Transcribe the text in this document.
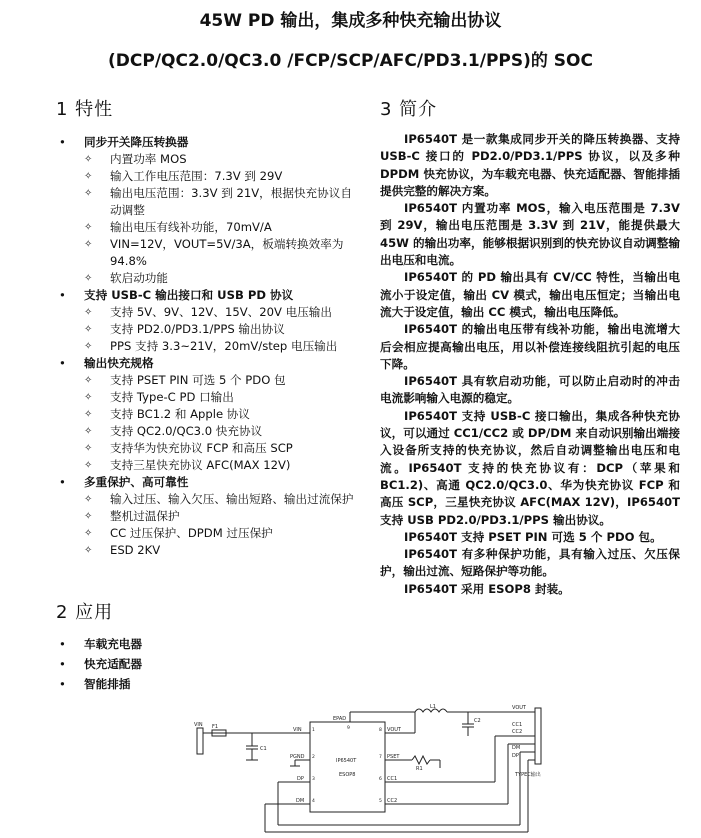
45W PD 输出，集成多种快充输出协议
(DCP/QC2.0/QC3.0 /FCP/SCP/AFC/PD3.1/PPS)的 SOC
1 特性	3 简介
• 同步开关降压转换器
✧ 内置功率 MOS
✧ 输入工作电压范围：7.3V 到 29V
✧ 输出电压范围：3.3V 到 21V，根据快充协议自动调整
✧ 输出电压有线补功能，70mV/A
✧ VIN=12V，VOUT=5V/3A，板端转换效率为94.8%
✧ 软启动功能
• 支持 USB-C 输出接口和 USB PD 协议
✧ 支持 5V、9V、12V、15V、20V 电压输出
✧ 支持 PD2.0/PD3.1/PPS 输出协议
✧ PPS 支持 3.3~21V，20mV/step 电压输出
• 输出快充规格
✧ 支持 PSET PIN 可选 5 个 PDO 包
✧ 支持 Type-C PD 口输出
✧ 支持 BC1.2 和 Apple 协议
✧ 支持 QC2.0/QC3.0 快充协议
✧ 支持华为快充协议 FCP 和高压 SCP
✧ 支持三星快充协议 AFC(MAX 12V)
• 多重保护、高可靠性
✧ 输入过压、输入欠压、输出短路、输出过流保护
✧ 整机过温保护
✧ CC 过压保护、DPDM 过压保护
✧ ESD 2KV
2 应用
• 车载充电器
• 快充适配器
• 智能排插

IP6540T 是一款集成同步开关的降压转换器、支持 USB-C 接口的 PD2.0/PD3.1/PPS 协议，以及多种 DPDM 快充协议，为车载充电器、快充适配器、智能排插提供完整的解决方案。

IP6540T 内置功率 MOS，输入电压范围是 7.3V 到 29V，输出电压范围是 3.3V 到 21V，能提供最大 45W 的输出功率，能够根据识别到的快充协议自动调整输出电压和电流。

IP6540T 的 PD 输出具有 CV/CC 特性，当输出电流小于设定值，输出 CV 模式，输出电压恒定；当输出电流大于设定值，输出 CC 模式，输出电压降低。

IP6540T 的输出电压带有线补功能，输出电流增大后会相应提高输出电压，用以补偿连接线阻抗引起的电压下降。

IP6540T 具有软启动功能，可以防止启动时的冲击电流影响输入电源的稳定。

IP6540T 支持 USB-C 接口输出，集成各种快充协议，可以通过 CC1/CC2 或 DP/DM 来自动识别输出端接入设备所支持的快充协议，然后自动调整输出电压和电流。IP6540T 支持的快充协议有：DCP（苹果和 BC1.2)、高通 QC2.0/QC3.0、华为快充协议 FCP 和高压 SCP，三星快充协议 AFC(MAX 12V)，IP6540T 支持 USB PD2.0/PD3.1/PPS 输出协议。

IP6540T 支持 PSET PIN 可选 5 个 PDO 包。

IP6540T 有多种保护功能，具有输入过压、欠压保护，输出过流、短路保护等功能。

IP6540T 采用 ESOP8 封装。

VIN F1
C1
L1
C2
R1
EPAD
VIN
PGND
DP
DM
VOUT
PSET
CC1
CC2
VOUT
CC1
CC2
DM
DP
TYPEC输出
IP6540T
ESOP8
9
1
2
3
4
8
7
6
5
